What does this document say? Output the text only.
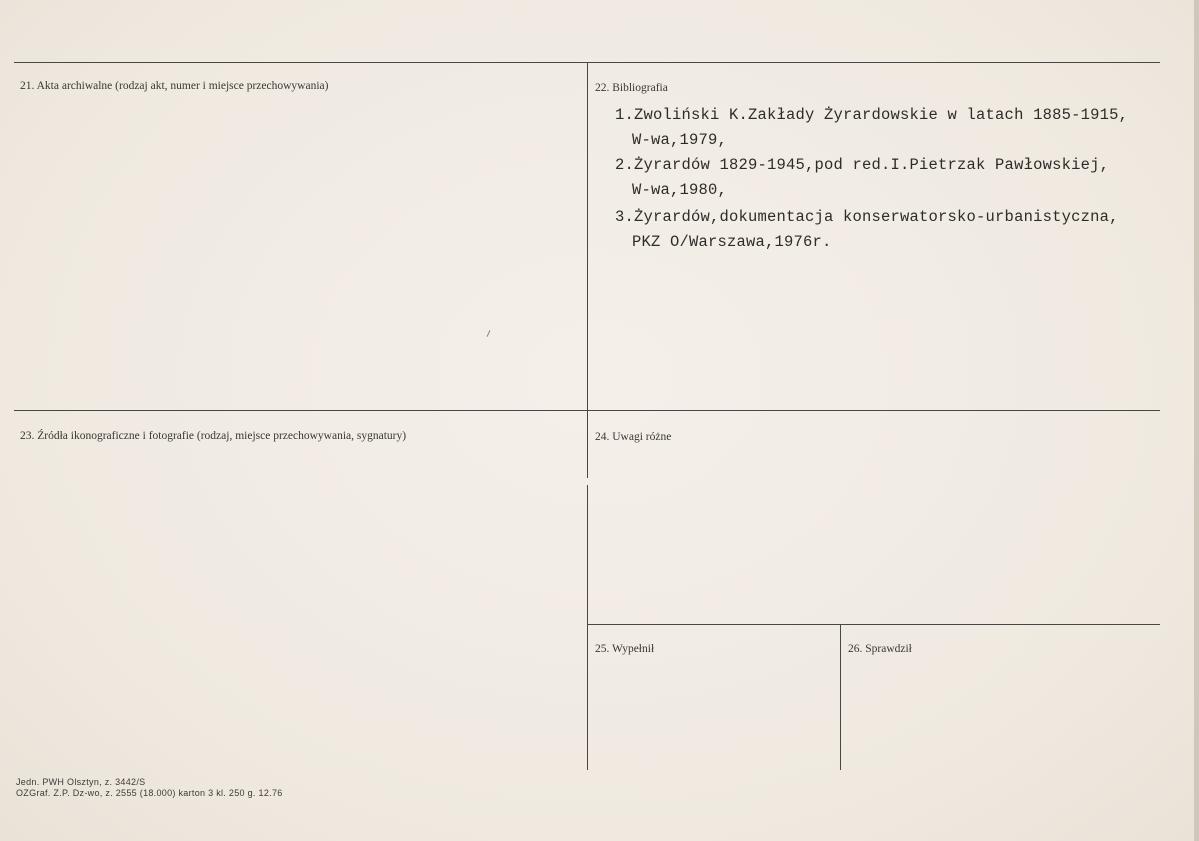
21. Akta archiwalne (rodzaj akt, numer i miejsce przechowywania)	22. Bibliografia
23. Źródła ikonograficzne i fotografie (rodzaj, miejsce przechowywania, sygnatury)	24. Uwagi różne
25. Wypełnił	26. Sprawdził
1.Zwoliński K.Zakłady Żyrardowskie w latach 1885-1915,
W-wa,1979,
2.Żyrardów 1829-1945,pod red.I.Pietrzak Pawłowskiej,
W-wa,1980,
3.Żyrardów,dokumentacja konserwatorsko-urbanistyczna,
PKZ O/Warszawa,1976r.
Jedn. PWH Olsztyn, z. 3442/S
OZGraf. Z.P. Dz-wo, z. 2555 (18.000) karton 3 kl. 250 g. 12.76
